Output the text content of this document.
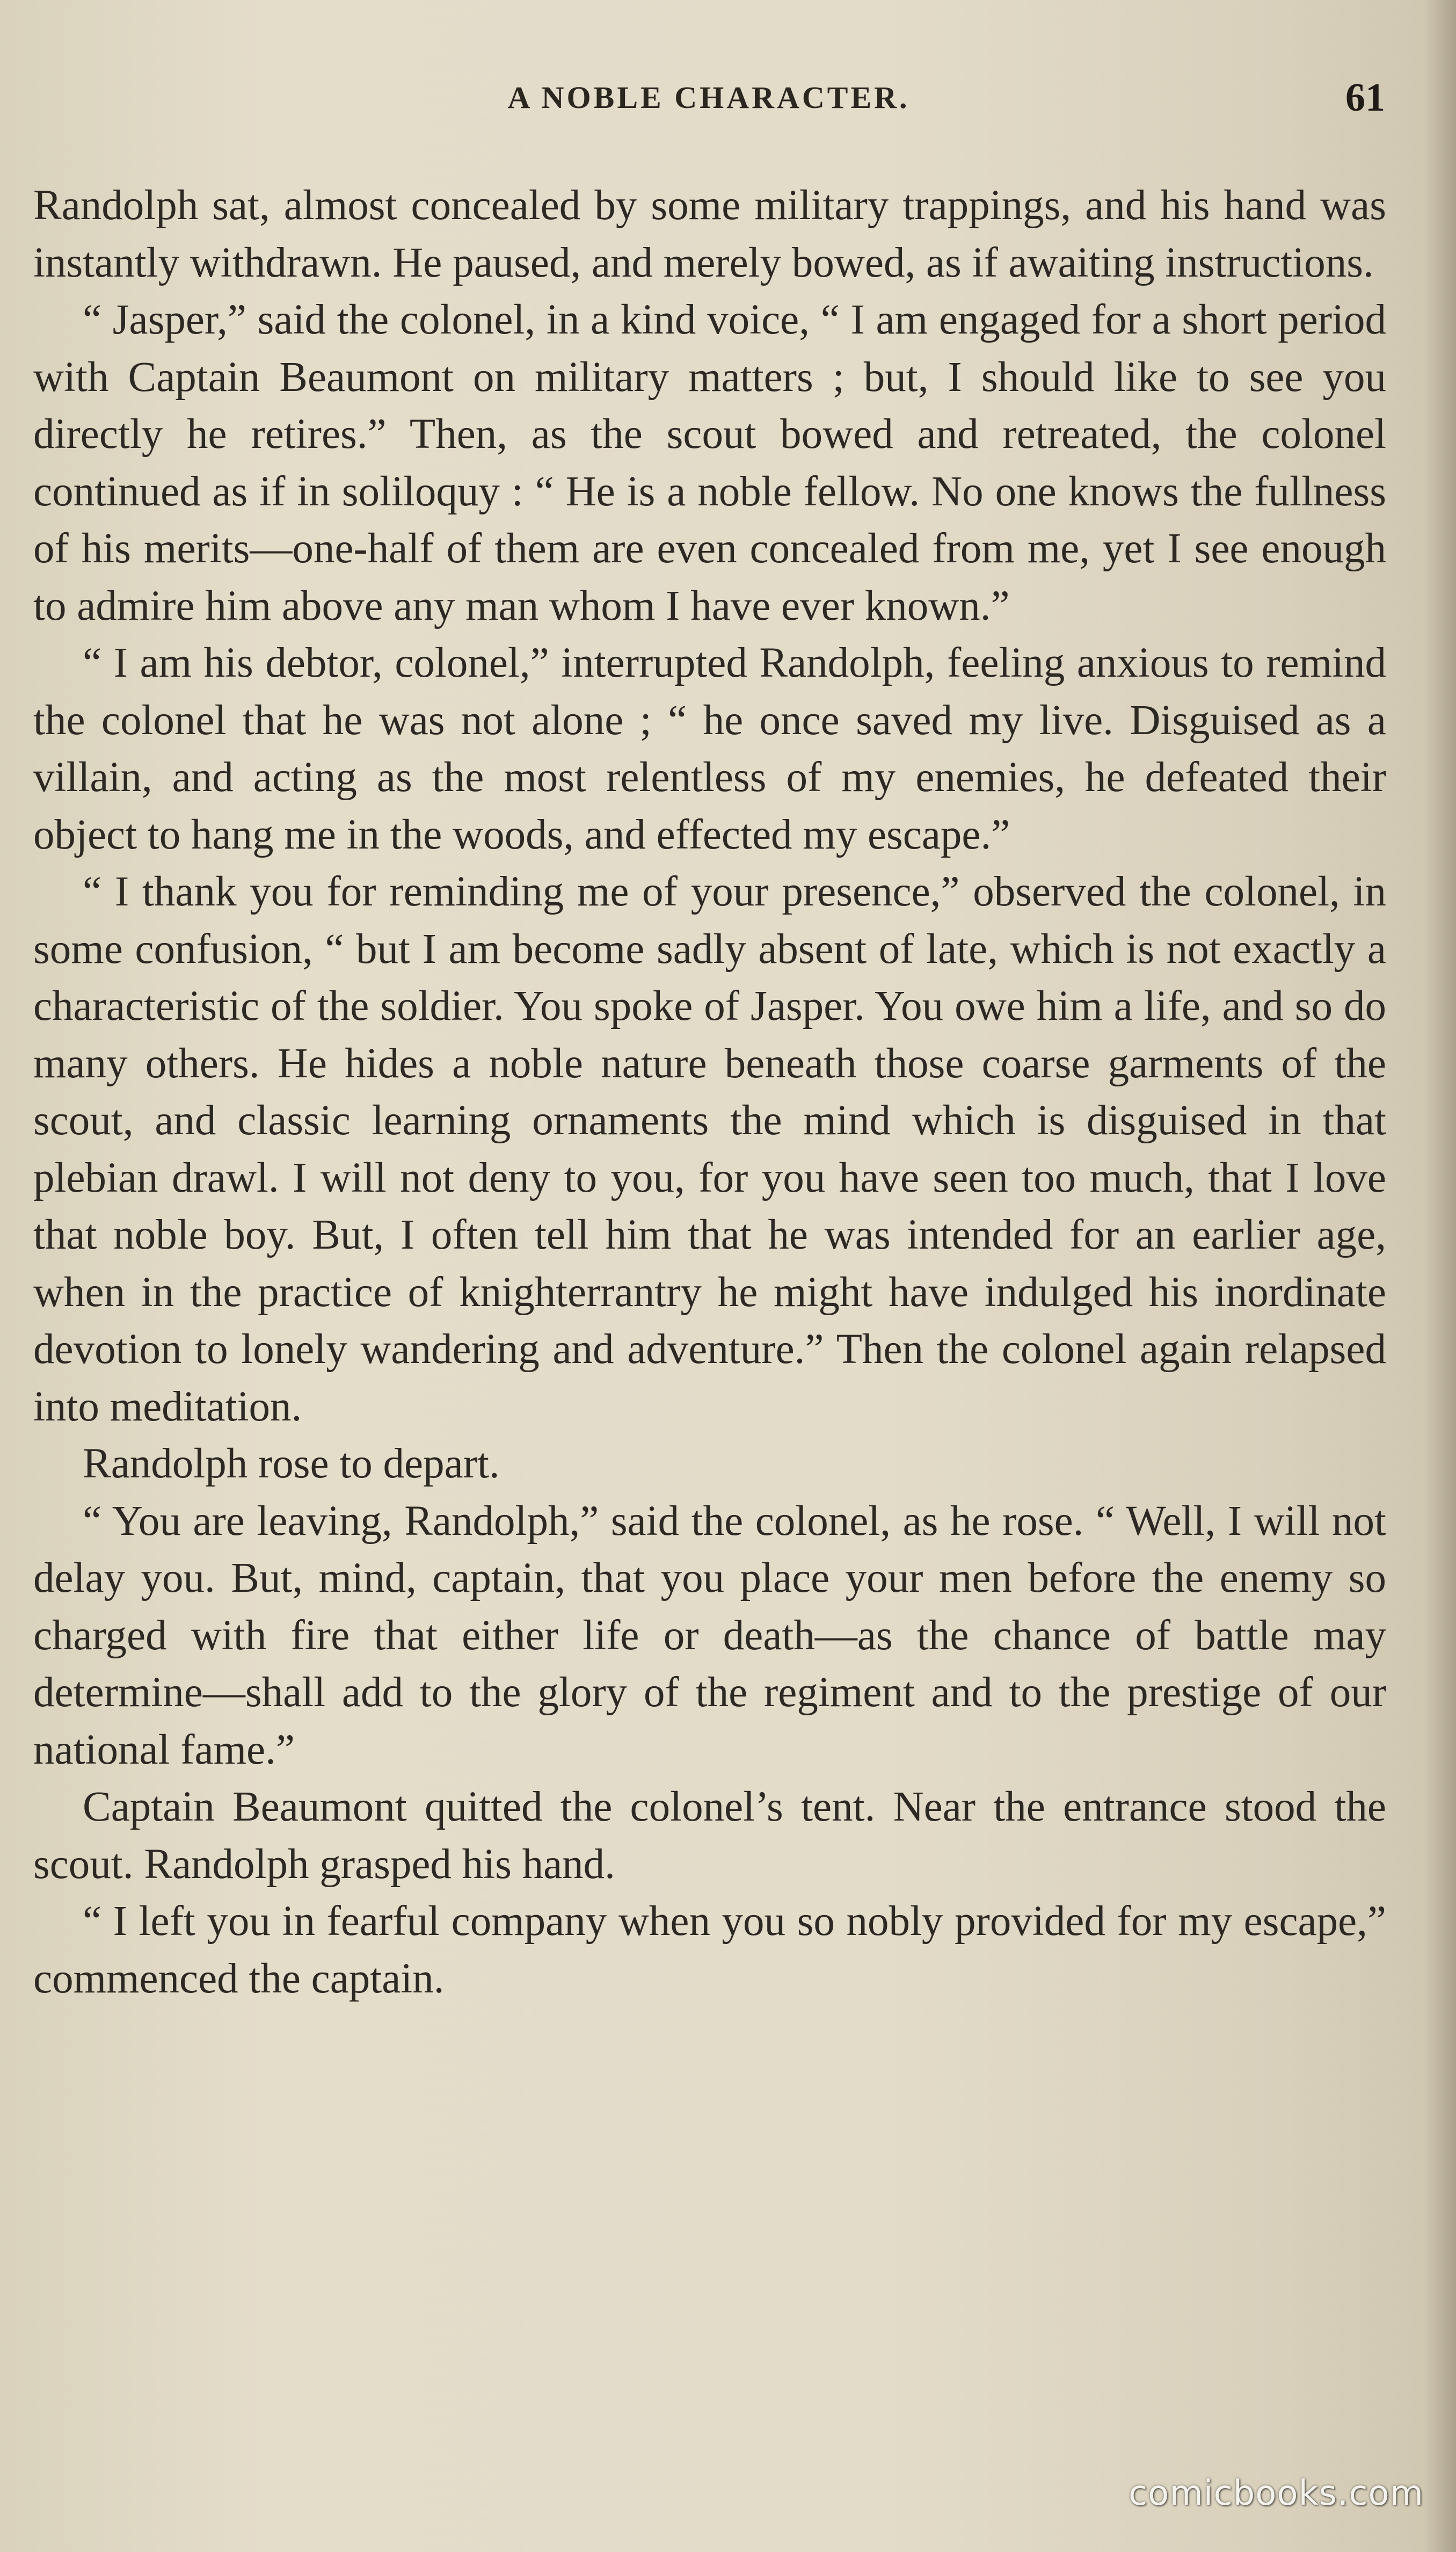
A NOBLE CHARACTER.	61

Randolph sat, almost concealed by some military trappings, and his hand was instantly withdrawn. He paused, and merely bowed, as if awaiting instructions.

“ Jasper,” said the colonel, in a kind voice, “ I am engaged for a short period with Captain Beaumont on military matters ; but, I should like to see you directly he retires.” Then, as the scout bowed and retreated, the colonel continued as if in soliloquy : “ He is a noble fellow. No one knows the fullness of his merits—one-half of them are even concealed from me, yet I see enough to admire him above any man whom I have ever known.”

“ I am his debtor, colonel,” interrupted Randolph, feeling anxious to remind the colonel that he was not alone ; “ he once saved my live. Disguised as a villain, and acting as the most relentless of my enemies, he defeated their object to hang me in the woods, and effected my escape.”

“ I thank you for reminding me of your presence,” observed the colonel, in some confusion, “ but I am become sadly absent of late, which is not exactly a characteristic of the soldier. You spoke of Jasper. You owe him a life, and so do many others. He hides a noble nature beneath those coarse garments of the scout, and classic learning ornaments the mind which is disguised in that plebian drawl. I will not deny to you, for you have seen too much, that I love that noble boy. But, I often tell him that he was intended for an earlier age, when in the practice of knighterrantry he might have indulged his inordinate devotion to lonely wandering and adventure.” Then the colonel again relapsed into meditation.

Randolph rose to depart.

“ You are leaving, Randolph,” said the colonel, as he rose. “ Well, I will not delay you. But, mind, captain, that you place your men before the enemy so charged with fire that either life or death—as the chance of battle may determine—shall add to the glory of the regiment and to the prestige of our national fame.”

Captain Beaumont quitted the colonel’s tent. Near the entrance stood the scout. Randolph grasped his hand.

“ I left you in fearful company when you so nobly provided for my escape,” commenced the captain.

comicbooks.com
